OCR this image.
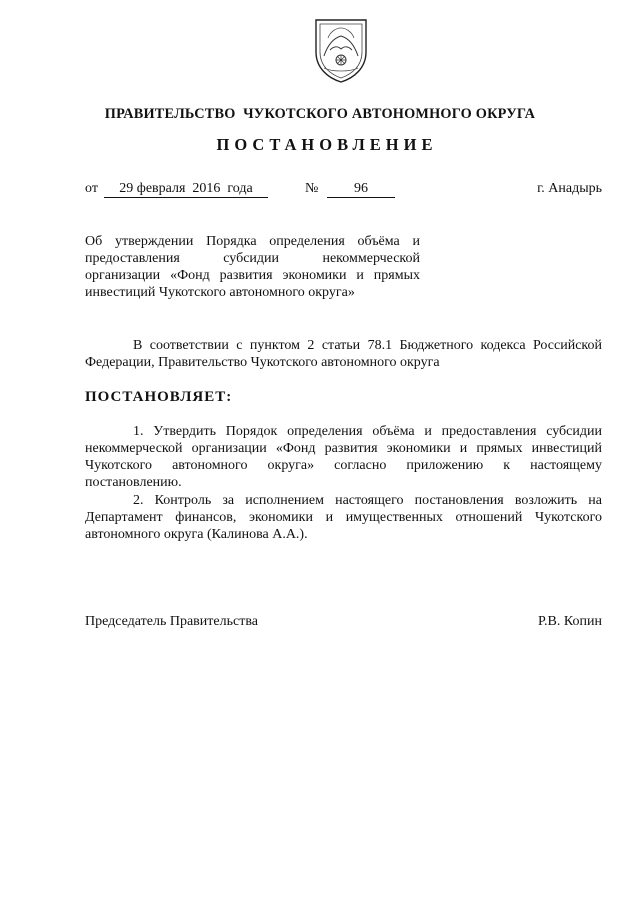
ПРАВИТЕЛЬСТВО  ЧУКОТСКОГО АВТОНОМНОГО ОКРУГА
ПОСТАНОВЛЕНИЕ
от	29 февраля  2016  года	№	96	г. Анадырь
Об утверждении Порядка определения объёма и
предоставления субсидии некоммерческой
организации «Фонд развития экономики и прямых
инвестиций Чукотского автономного округа»

В соответствии с пунктом 2 статьи 78.1 Бюджетного кодекса Российской Федерации, Правительство Чукотского автономного округа

ПОСТАНОВЛЯЕТ:

1. Утвердить Порядок определения объёма и предоставления субсидии некоммерческой организации «Фонд развития экономики и прямых инвестиций Чукотского автономного округа» согласно приложению к настоящему постановлению.

2. Контроль за исполнением настоящего постановления возложить на Департамент финансов, экономики и имущественных отношений Чукотского автономного округа (Калинова А.А.).

Председатель Правительства	Р.В. Копин
